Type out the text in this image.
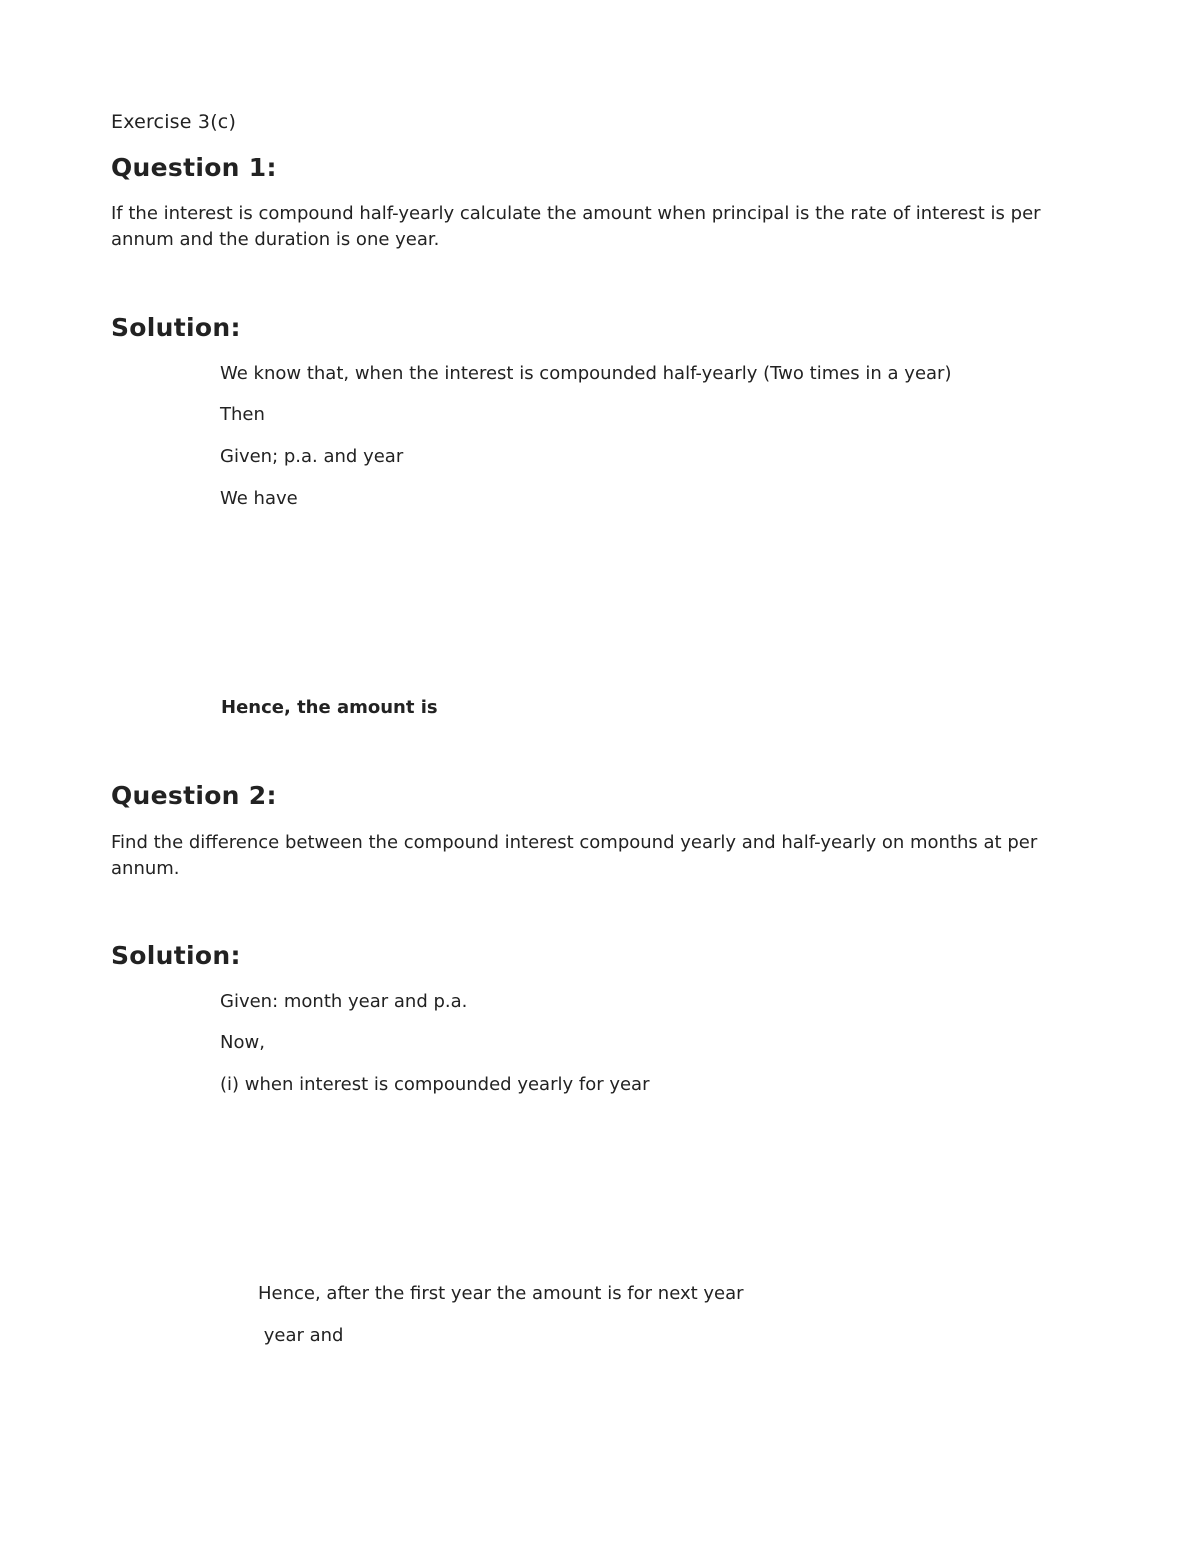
Exercise 3(c)
Question 1:
If the interest is compound half-yearly calculate the amount when principal is the rate of interest is per annum and the duration is one year.
Solution:
We know that, when the interest is compounded half-yearly (Two times in a year)
Then
Given; p.a. and year
We have
Hence, the amount is
Question 2:
Find the difference between the compound interest compound yearly and half-yearly on months at per annum.
Solution:
Given: month year and p.a.
Now,
(i) when interest is compounded yearly for year
Hence, after the first year the amount is for next year
year and
